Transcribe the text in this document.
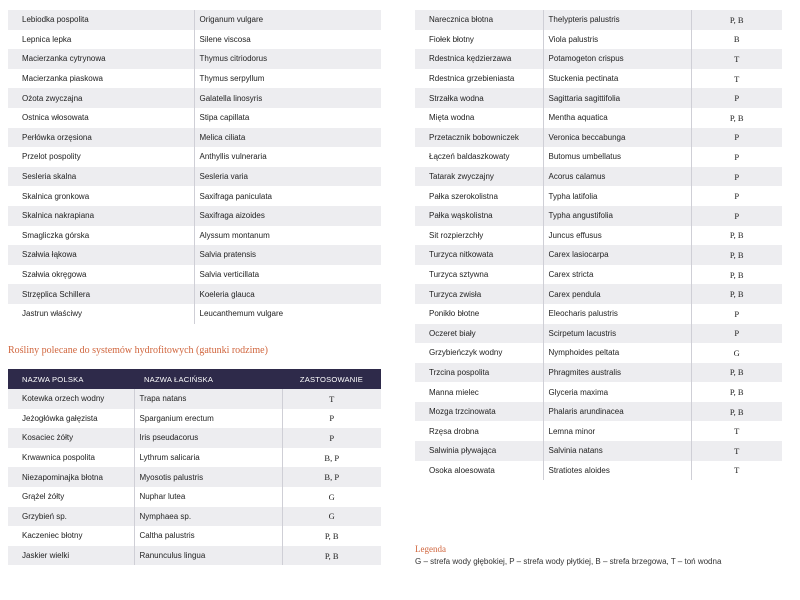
Lebiodka pospolita	Origanum vulgare
Lepnica lepka	Silene viscosa
Macierzanka cytrynowa	Thymus citriodorus
Macierzanka piaskowa	Thymus serpyllum
Ożota zwyczajna	Galatella linosyris
Ostnica włosowata	Stipa capillata
Perłówka orzęsiona	Melica ciliata
Przelot pospolity	Anthyllis vulneraria
Sesleria skalna	Sesleria varia
Skalnica gronkowa	Saxifraga paniculata
Skalnica nakrapiana	Saxifraga aizoides
Smagliczka górska	Alyssum montanum
Szałwia łąkowa	Salvia pratensis
Szałwia okręgowa	Salvia verticillata
Strzęplica Schillera	Koeleria glauca
Jastrun właściwy	Leucanthemum vulgare
Rośliny polecane do systemów hydrofitowych (gatunki rodzime)
NAZWA POLSKA	NAZWA ŁACIŃSKA	ZASTOSOWANIE
Kotewka orzech wodny	Trapa natans	T
Jeżogłówka gałęzista	Sparganium erectum	P
Kosaciec żółty	Iris pseudacorus	P
Krwawnica pospolita	Lythrum salicaria	B, P
Niezapominajka błotna	Myosotis palustris	B, P
Grążel żółty	Nuphar lutea	G
Grzybień sp.	Nymphaea sp.	G
Kaczeniec błotny	Caltha palustris	P, B
Jaskier wielki	Ranunculus lingua	P, B
Narecznica błotna	Thelypteris palustris	P, B
Fiołek błotny	Viola palustris	B
Rdestnica kędzierzawa	Potamogeton crispus	T
Rdestnica grzebieniasta	Stuckenia pectinata	T
Strzałka wodna	Sagittaria sagittifolia	P
Mięta wodna	Mentha aquatica	P, B
Przetacznik bobowniczek	Veronica beccabunga	P
Łączeń baldaszkowaty	Butomus umbellatus	P
Tatarak zwyczajny	Acorus calamus	P
Pałka szerokolistna	Typha latifolia	P
Pałka wąskolistna	Typha angustifolia	P
Sit rozpierzchły	Juncus effusus	P, B
Turzyca nitkowata	Carex lasiocarpa	P, B
Turzyca sztywna	Carex stricta	P, B
Turzyca zwisła	Carex pendula	P, B
Ponikło błotne	Eleocharis palustris	P
Oczeret biały	Scirpetum lacustris	P
Grzybieńczyk wodny	Nymphoides peltata	G
Trzcina pospolita	Phragmites australis	P, B
Manna mielec	Glyceria maxima	P, B
Mozga trzcinowata	Phalaris arundinacea	P, B
Rzęsa drobna	Lemna minor	T
Salwinia pływająca	Salvinia natans	T
Osoka aloesowata	Stratiotes aloides	T
Legenda
G – strefa wody głębokiej, P – strefa wody płytkiej, B – strefa brzegowa, T – toń wodna
